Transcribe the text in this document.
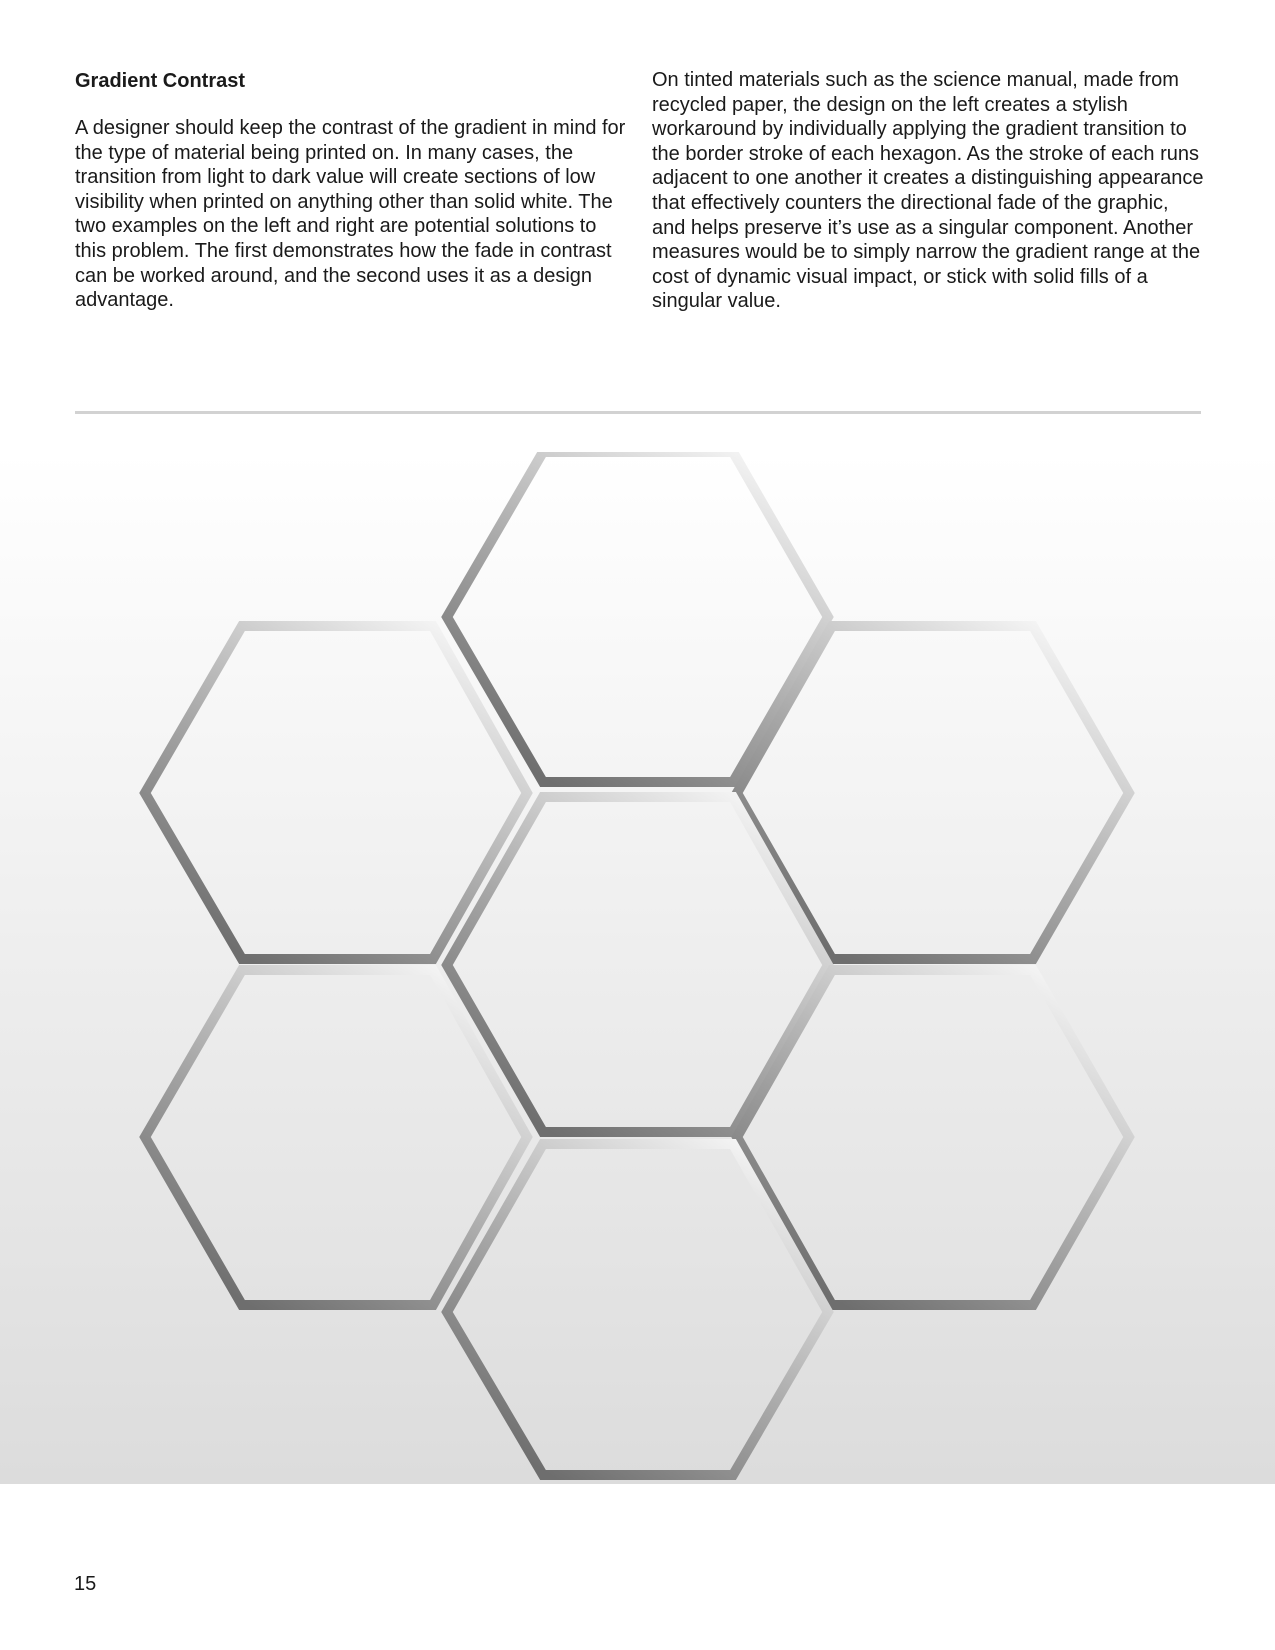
Gradient Contrast

A designer should keep the contrast of the gradient in mind for the type of material being printed on. In many cases, the transition from light to dark value will create sections of low visibility when printed on anything other than solid white. The two examples on the left and right are potential solutions to this problem. The first demonstrates how the fade in contrast can be worked around, and the second uses it as a design advantage.

On tinted materials such as the science manual, made from recycled paper, the design on the left creates a stylish workaround by individually applying the gradient transition to the border stroke of each hexagon. As the stroke of each runs adjacent to one another it creates a distinguishing appearance that effectively counters the directional fade of the graphic, and helps preserve it’s use as a singular component. Another measures would be to simply narrow the gradient range at the cost of dynamic visual impact, or stick with solid fills of a singular value.

15
